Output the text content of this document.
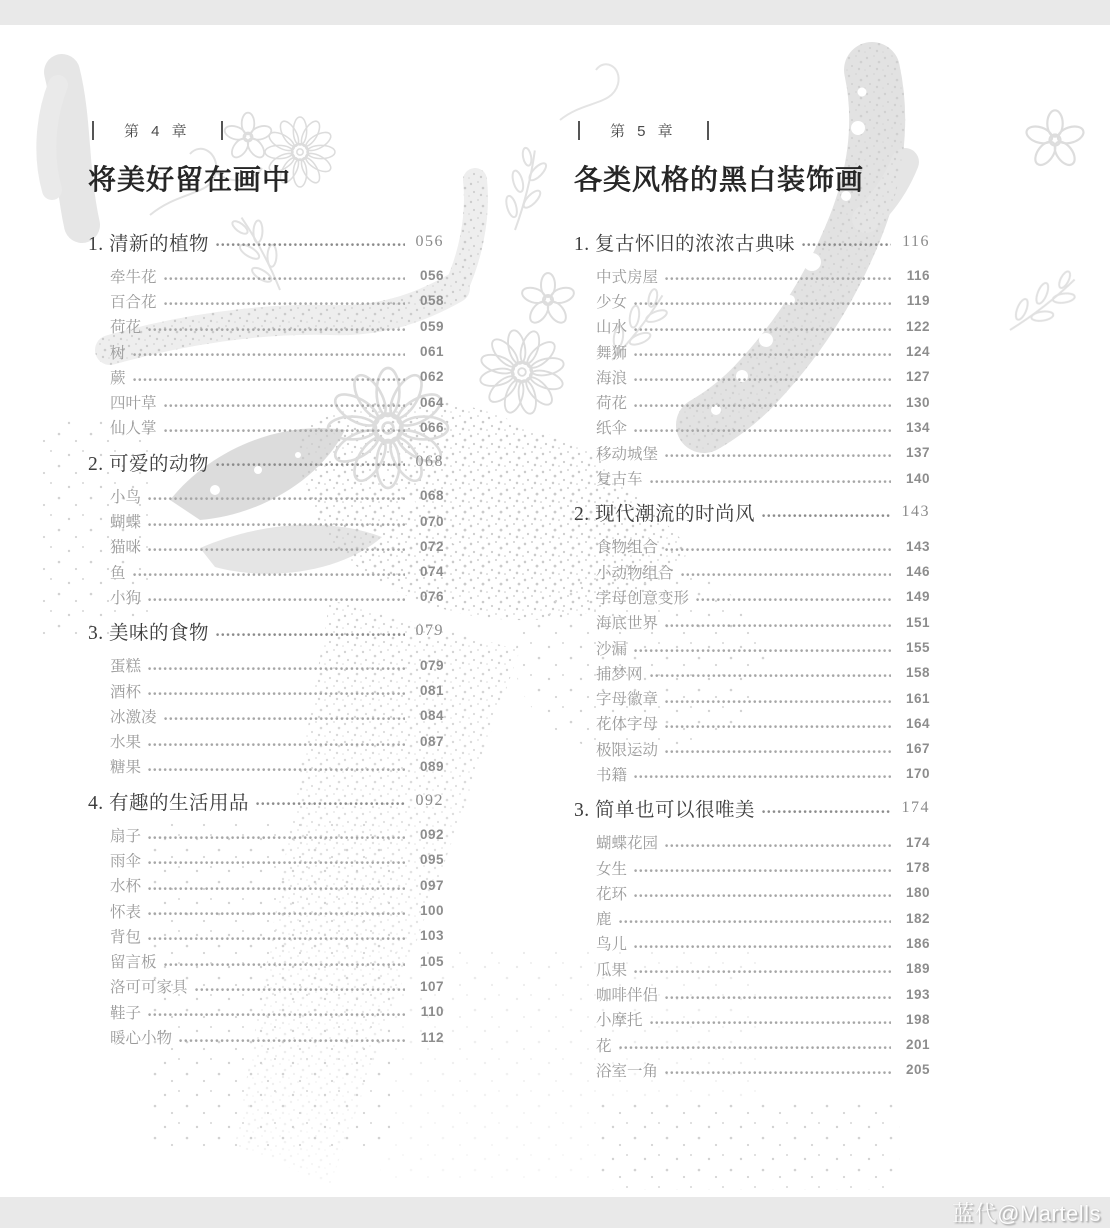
蓝代@Martells
第 4 章
将美好留在画中
1. 清新的植物	056
牵牛花	056
百合花	058
荷花	059
树	061
蕨	062
四叶草	064
仙人掌	066
2. 可爱的动物	068
小鸟	068
蝴蝶	070
猫咪	072
鱼	074
小狗	076
3. 美味的食物	079
蛋糕	079
酒杯	081
冰激凌	084
水果	087
糖果	089
4. 有趣的生活用品	092
扇子	092
雨伞	095
水杯	097
怀表	100
背包	103
留言板	105
洛可可家具	107
鞋子	110
暖心小物	112
第 5 章
各类风格的黑白装饰画
1. 复古怀旧的浓浓古典味	116
中式房屋	116
少女	119
山水	122
舞狮	124
海浪	127
荷花	130
纸伞	134
移动城堡	137
复古车	140
2. 现代潮流的时尚风	143
食物组合	143
小动物组合	146
字母创意变形	149
海底世界	151
沙漏	155
捕梦网	158
字母徽章	161
花体字母	164
极限运动	167
书籍	170
3. 简单也可以很唯美	174
蝴蝶花园	174
女生	178
花环	180
鹿	182
鸟儿	186
瓜果	189
咖啡伴侣	193
小摩托	198
花	201
浴室一角	205
